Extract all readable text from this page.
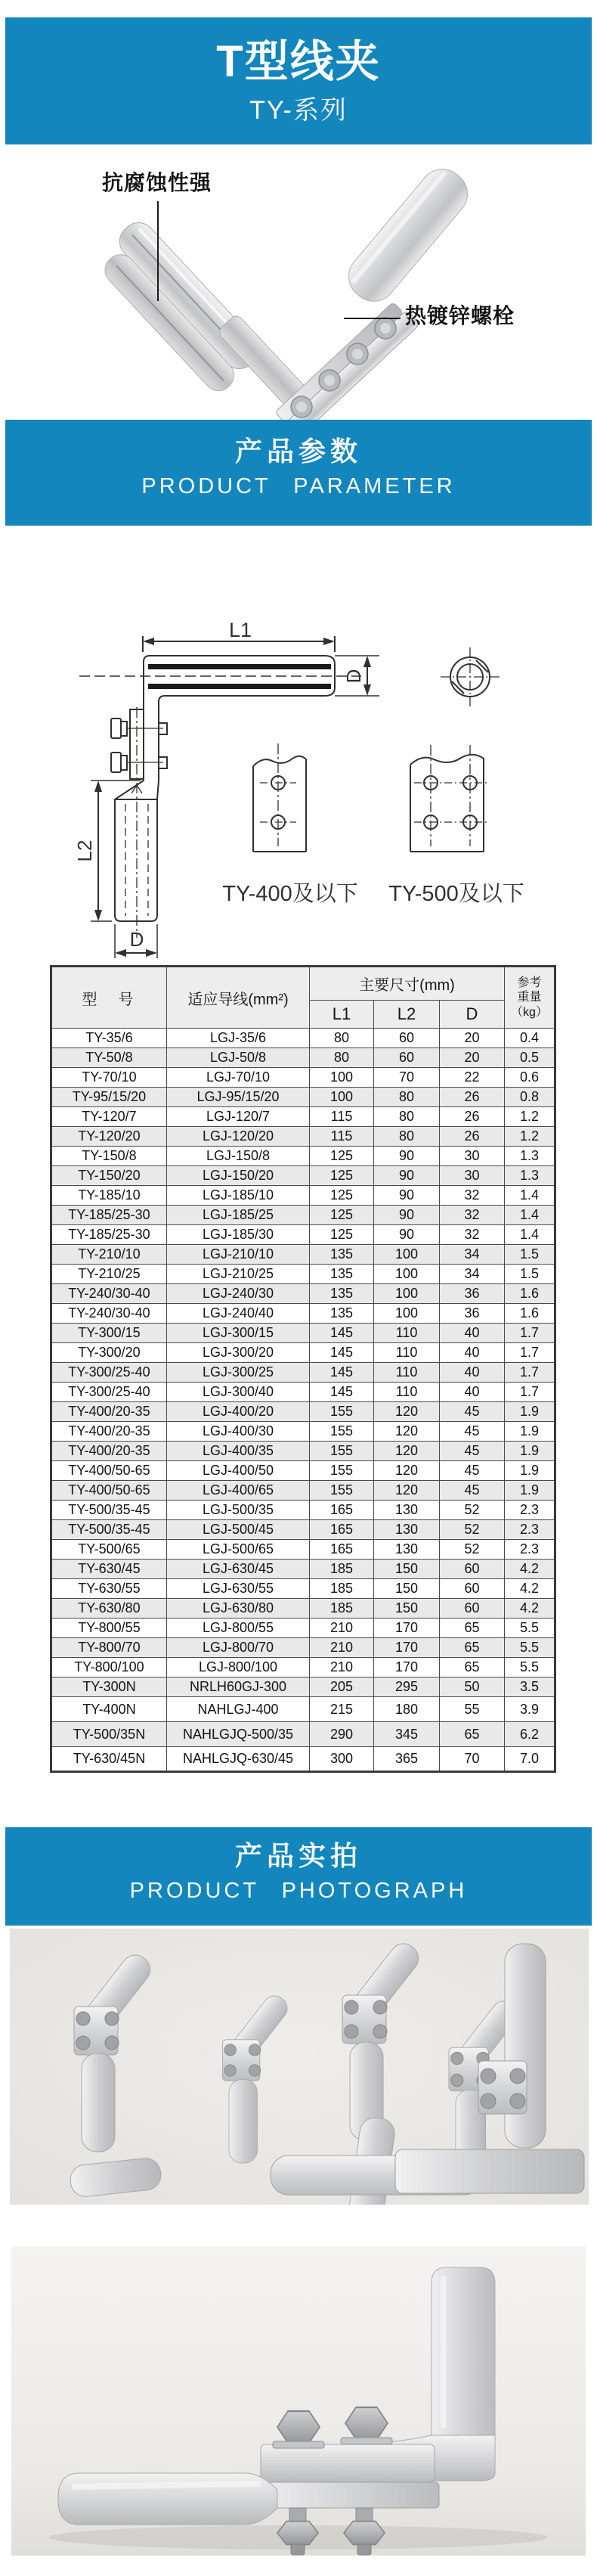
T型线夹
TY-系列
抗腐蚀性强
热镀锌螺栓
产品参数
PRODUCT PARAMETER
L1
D
L2
D
TY-400及以下 TY-500及以下
型　号	适应导线(mm²)	主要尺寸(mm)			参考
重量
（kg）
		L1	L2	D	
TY-35/6	LGJ-35/6	80	60	20	0.4
TY-50/8	LGJ-50/8	80	60	20	0.5
TY-70/10	LGJ-70/10	100	70	22	0.6
TY-95/15/20	LGJ-95/15/20	100	80	26	0.8
TY-120/7	LGJ-120/7	115	80	26	1.2
TY-120/20	LGJ-120/20	115	80	26	1.2
TY-150/8	LGJ-150/8	125	90	30	1.3
TY-150/20	LGJ-150/20	125	90	30	1.3
TY-185/10	LGJ-185/10	125	90	32	1.4
TY-185/25-30	LGJ-185/25	125	90	32	1.4
TY-185/25-30	LGJ-185/30	125	90	32	1.4
TY-210/10	LGJ-210/10	135	100	34	1.5
TY-210/25	LGJ-210/25	135	100	34	1.5
TY-240/30-40	LGJ-240/30	135	100	36	1.6
TY-240/30-40	LGJ-240/40	135	100	36	1.6
TY-300/15	LGJ-300/15	145	110	40	1.7
TY-300/20	LGJ-300/20	145	110	40	1.7
TY-300/25-40	LGJ-300/25	145	110	40	1.7
TY-300/25-40	LGJ-300/40	145	110	40	1.7
TY-400/20-35	LGJ-400/20	155	120	45	1.9
TY-400/20-35	LGJ-400/30	155	120	45	1.9
TY-400/20-35	LGJ-400/35	155	120	45	1.9
TY-400/50-65	LGJ-400/50	155	120	45	1.9
TY-400/50-65	LGJ-400/65	155	120	45	1.9
TY-500/35-45	LGJ-500/35	165	130	52	2.3
TY-500/35-45	LGJ-500/45	165	130	52	2.3
TY-500/65	LGJ-500/65	165	130	52	2.3
TY-630/45	LGJ-630/45	185	150	60	4.2
TY-630/55	LGJ-630/55	185	150	60	4.2
TY-630/80	LGJ-630/80	185	150	60	4.2
TY-800/55	LGJ-800/55	210	170	65	5.5
TY-800/70	LGJ-800/70	210	170	65	5.5
TY-800/100	LGJ-800/100	210	170	65	5.5
TY-300N	NRLH60GJ-300	205	295	50	3.5
TY-400N	NAHLGJ-400	215	180	55	3.9
TY-500/35N	NAHLGJQ-500/35	290	345	65	6.2
TY-630/45N	NAHLGJQ-630/45	300	365	70	7.0
产品实拍
PRODUCT PHOTOGRAPH
